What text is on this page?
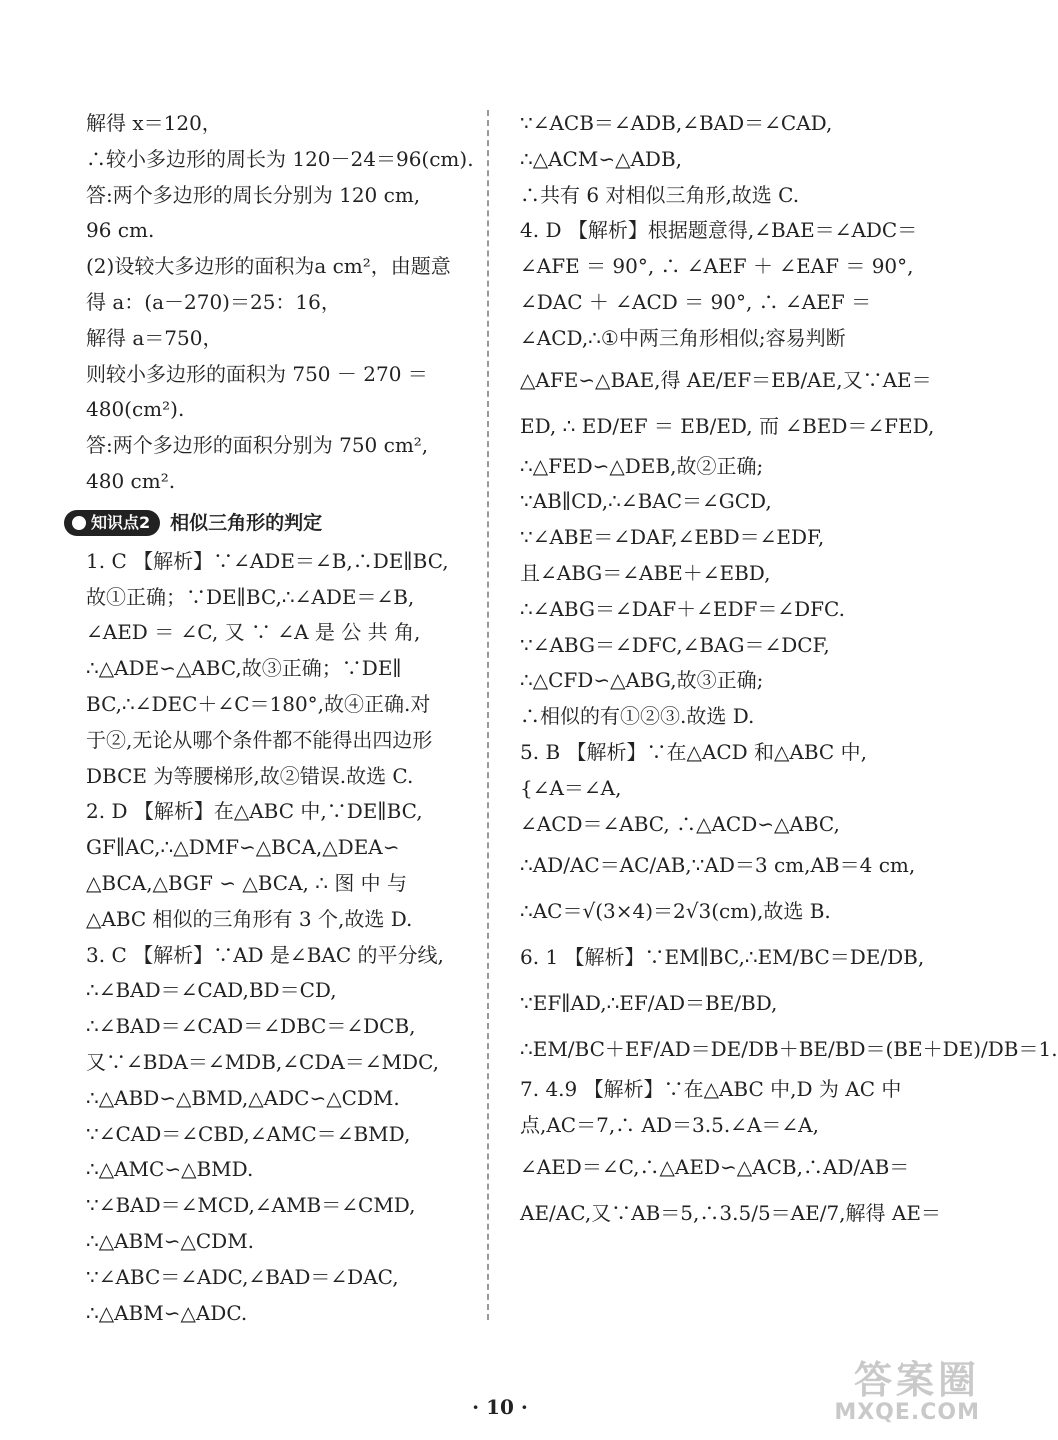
解得 x＝120，
∴较小多边形的周长为 120－24＝96(cm).
答:两个多边形的周长分别为 120 cm,
96 cm.
(2)设较大多边形的面积为a cm²，由题意
得 a：(a－270)＝25：16，
解得 a＝750，
则较小多边形的面积为 750 － 270 ＝
480(cm²).
答:两个多边形的面积分别为 750 cm²,
480 cm².
知识点2 相似三角形的判定
1. C 【解析】∵∠ADE＝∠B,∴DE∥BC,
故①正确；∵DE∥BC,∴∠ADE＝∠B,
∠AED ＝ ∠C, 又 ∵ ∠A 是 公 共 角,
∴△ADE∽△ABC,故③正确；∵DE∥
BC,∴∠DEC＋∠C＝180°,故④正确.对
于②,无论从哪个条件都不能得出四边形
DBCE 为等腰梯形,故②错误.故选 C.
2. D 【解析】在△ABC 中,∵DE∥BC,
GF∥AC,∴△DMF∽△BCA,△DEA∽
△BCA,△BGF ∽ △BCA, ∴ 图 中 与
△ABC 相似的三角形有 3 个,故选 D.
3. C 【解析】∵AD 是∠BAC 的平分线,
∴∠BAD＝∠CAD,BD＝CD,
∴∠BAD＝∠CAD＝∠DBC＝∠DCB,
又∵∠BDA＝∠MDB,∠CDA＝∠MDC,
∴△ABD∽△BMD,△ADC∽△CDM.
∵∠CAD＝∠CBD,∠AMC＝∠BMD,
∴△AMC∽△BMD.
∵∠BAD＝∠MCD,∠AMB＝∠CMD,
∴△ABM∽△CDM.
∵∠ABC＝∠ADC,∠BAD＝∠DAC,
∴△ABM∽△ADC.
∵∠ACB＝∠ADB,∠BAD＝∠CAD,
∴△ACM∽△ADB,
∴共有 6 对相似三角形,故选 C.
4. D 【解析】根据题意得,∠BAE＝∠ADC＝
∠AFE ＝ 90°, ∴ ∠AEF ＋ ∠EAF ＝ 90°,
∠DAC ＋ ∠ACD ＝ 90°, ∴ ∠AEF ＝
∠ACD,∴①中两三角形相似;容易判断
△AFE∽△BAE,得 AE/EF＝EB/AE,又∵AE＝
ED, ∴ ED/EF ＝ EB/ED, 而 ∠BED＝∠FED,
∴△FED∽△DEB,故②正确;
∵AB∥CD,∴∠BAC＝∠GCD,
∵∠ABE＝∠DAF,∠EBD＝∠EDF,
且∠ABG＝∠ABE＋∠EBD,
∴∠ABG＝∠DAF＋∠EDF＝∠DFC.
∵∠ABG＝∠DFC,∠BAG＝∠DCF,
∴△CFD∽△ABG,故③正确;
∴相似的有①②③.故选 D.
5. B 【解析】∵在△ACD 和△ABC 中,
{∠A＝∠A,
∠ACD＝∠ABC, ∴△ACD∽△ABC,
∴AD/AC＝AC/AB,∵AD＝3 cm,AB＝4 cm,
∴AC＝√(3×4)＝2√3(cm),故选 B.
6. 1 【解析】∵EM∥BC,∴EM/BC＝DE/DB,
∵EF∥AD,∴EF/AD＝BE/BD,
∴EM/BC＋EF/AD＝DE/DB＋BE/BD＝(BE＋DE)/DB＝1.
7. 4.9 【解析】∵在△ABC 中,D 为 AC 中
点,AC＝7,∴ AD＝3.5.∠A＝∠A,
∠AED＝∠C,∴△AED∽△ACB,∴AD/AB＝
AE/AC,又∵AB＝5,∴3.5/5＝AE/7,解得 AE＝
· 10 ·
答案圈
MXQE.COM
